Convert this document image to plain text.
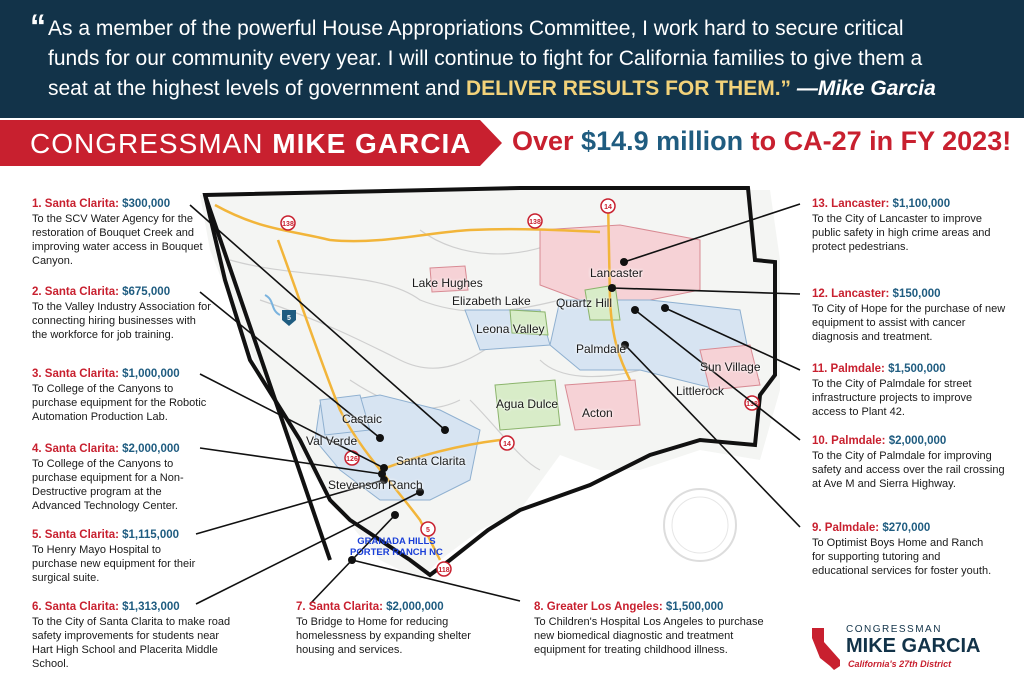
“ As a member of the powerful House Appropriations Committee, I work hard to secure critical
funds for our community every year. I will continue to fight for California families to give them a
seat at the highest levels of government and DELIVER RESULTS FOR THEM.” —Mike Garcia
CONGRESSMAN MIKE GARCIA Over $14.9 million to CA-27 in FY 2023!
138	138
14
14
126
5
118
138
5
Lake Hughes
Elizabeth Lake
Leona Valley
Lancaster
Quartz Hill
Palmdale
Sun Village
Littlerock
Agua Dulce
Acton
Castaic
Val Verde
Santa Clarita
Stevenson Ranch
GRANADA HILLS
PORTER RANCH NC
1. Santa Clarita: $300,000
To the SCV Water Agency for the restoration of Bouquet Creek and improving water access in Bouquet Canyon.
2. Santa Clarita: $675,000
To the Valley Industry Association for connecting hiring businesses with the workforce for job training.
3. Santa Clarita: $1,000,000
To College of the Canyons to purchase equipment for the Robotic Automation Production Lab.
4. Santa Clarita: $2,000,000
To College of the Canyons to purchase equipment for a Non-Destructive program at the Advanced Technology Center.
5. Santa Clarita: $1,115,000
To Henry Mayo Hospital to purchase new equipment for their surgical suite.
6. Santa Clarita: $1,313,000
To the City of Santa Clarita to make road safety improvements for students near Hart High School and Placerita Middle School.
7. Santa Clarita: $2,000,000
To Bridge to Home for reducing homelessness by expanding shelter housing and services.
8. Greater Los Angeles: $1,500,000
To Children's Hospital Los Angeles to purchase new biomedical diagnostic and treatment equipment for treating childhood illness.
9. Palmdale: $270,000
To Optimist Boys Home and Ranch for supporting tutoring and educational services for foster youth.
10. Palmdale: $2,000,000
To the City of Palmdale for improving safety and access over the rail crossing at Ave M and Sierra Highway.
11. Palmdale: $1,500,000
To the City of Palmdale for street infrastructure projects to improve access to Plant 42.
12. Lancaster: $150,000
To City of Hope for the purchase of new equipment to assist with cancer diagnosis and treatment.
13. Lancaster: $1,100,000
To the City of Lancaster to improve public safety in high crime areas and protect pedestrians.
CONGRESSMAN
MIKE GARCIA
California's 27th District
